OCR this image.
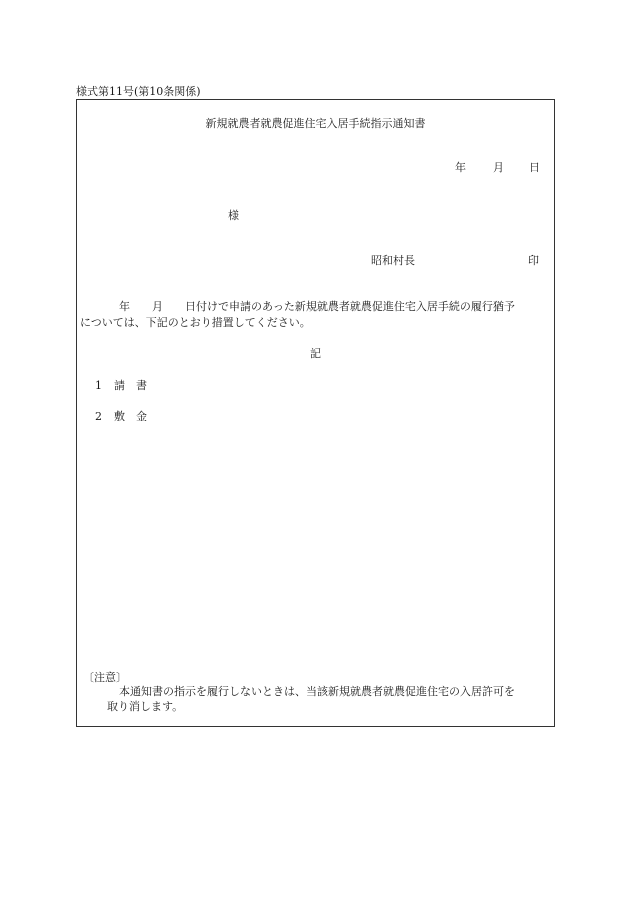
様式第11号(第10条関係)
新規就農者就農促進住宅入居手続指示通知書
年 月 日
様
昭和村長	印
年　　月　　日付けで申請のあった新規就農者就農促進住宅入居手続の履行猶予
については、下記のとおり措置してください。
記
1 請　書
2 敷　金
〔注意〕
本通知書の指示を履行しないときは、当該新規就農者就農促進住宅の入居許可を
取り消します。
